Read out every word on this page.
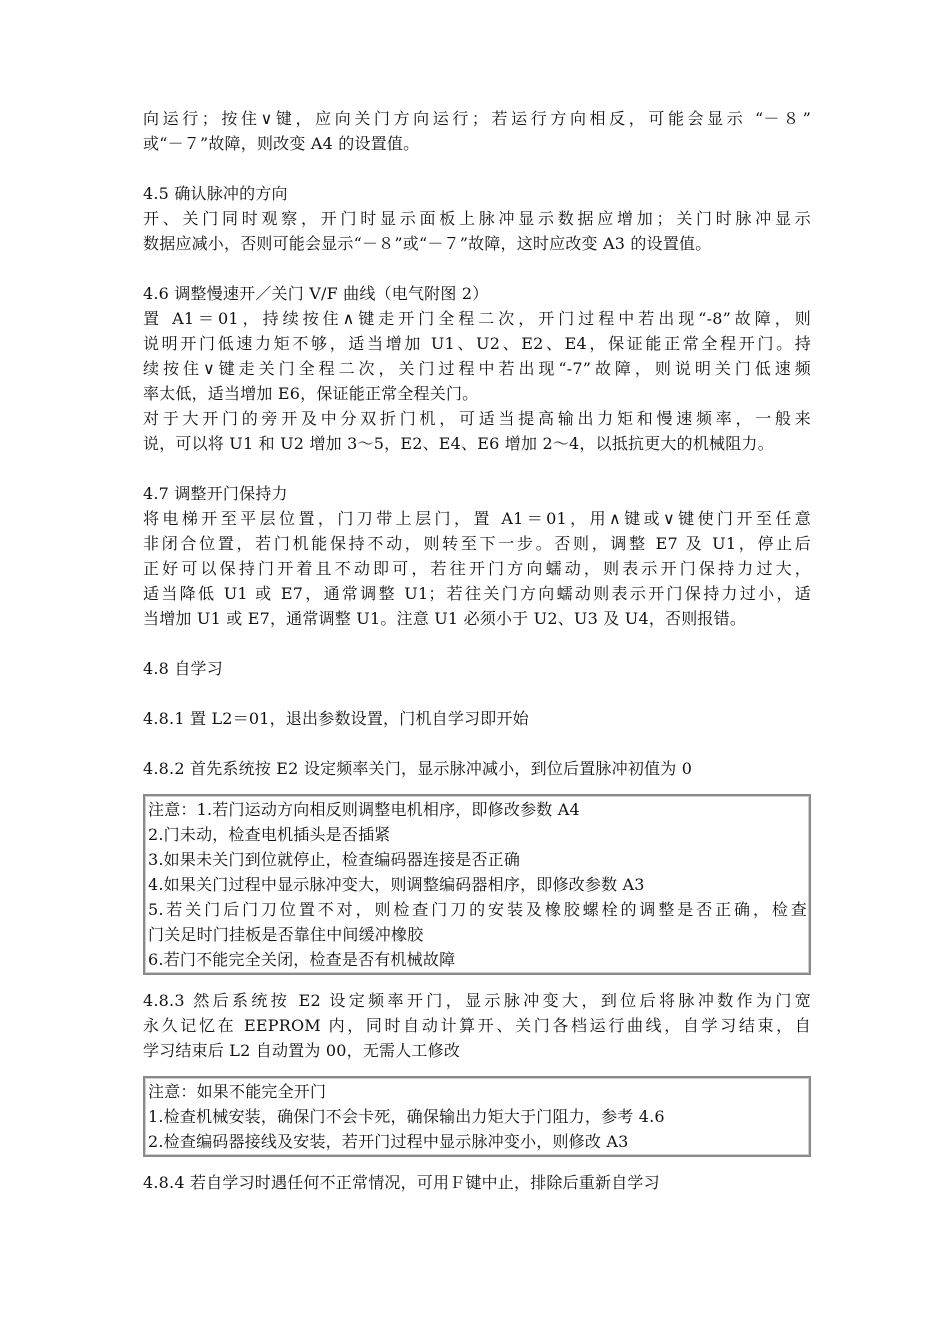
向运行；按住∨键，应向关门方向运行；若运行方向相反，可能会显示 “－８”
或“－７”故障，则改变 A4 的设置值。
4.5 确认脉冲的方向
开、关门同时观察，开门时显示面板上脉冲显示数据应增加；关门时脉冲显示
数据应减小，否则可能会显示“－８”或“－７”故障，这时应改变 A3 的设置值。
4.6 调整慢速开／关门 V/F 曲线（电气附图 2）
置 A1＝01，持续按住∧键走开门全程二次，开门过程中若出现“-8”故障，则
说明开门低速力矩不够，适当增加 U1、U2、E2、E4，保证能正常全程开门。持
续按住∨键走关门全程二次，关门过程中若出现“-7”故障，则说明关门低速频
率太低，适当增加 E6，保证能正常全程关门。
对于大开门的旁开及中分双折门机，可适当提高输出力矩和慢速频率，一般来
说，可以将 U1 和 U2 增加 3～5，E2、E4、E6 增加 2～4，以抵抗更大的机械阻力。
4.7 调整开门保持力
将电梯开至平层位置，门刀带上层门，置 A1＝01，用∧键或∨键使门开至任意
非闭合位置，若门机能保持不动，则转至下一步。否则，调整 E7 及 U1，停止后
正好可以保持门开着且不动即可，若往开门方向蠕动，则表示开门保持力过大，
适当降低 U1 或 E7，通常调整 U1；若往关门方向蠕动则表示开门保持力过小，适
当增加 U1 或 E7，通常调整 U1。注意 U1 必须小于 U2、U3 及 U4，否则报错。
4.8 自学习
4.8.1 置 L2＝01，退出参数设置，门机自学习即开始
4.8.2 首先系统按 E2 设定频率关门，显示脉冲减小，到位后置脉冲初值为 0
注意：1.若门运动方向相反则调整电机相序，即修改参数 A4
2.门未动，检查电机插头是否插紧
3.如果未关门到位就停止，检查编码器连接是否正确
4.如果关门过程中显示脉冲变大，则调整编码器相序，即修改参数 A3
5.若关门后门刀位置不对，则检查门刀的安装及橡胶螺栓的调整是否正确，检查
门关足时门挂板是否靠住中间缓冲橡胶
6.若门不能完全关闭，检查是否有机械故障
4.8.3 然后系统按 E2 设定频率开门，显示脉冲变大，到位后将脉冲数作为门宽
永久记忆在 EEPROM 内，同时自动计算开、关门各档运行曲线，自学习结束，自
学习结束后 L2 自动置为 00，无需人工修改
注意：如果不能完全开门
1.检查机械安装，确保门不会卡死，确保输出力矩大于门阻力，参考 4.6
2.检查编码器接线及安装，若开门过程中显示脉冲变小，则修改 A3
4.8.4 若自学习时遇任何不正常情况，可用Ｆ键中止，排除后重新自学习
